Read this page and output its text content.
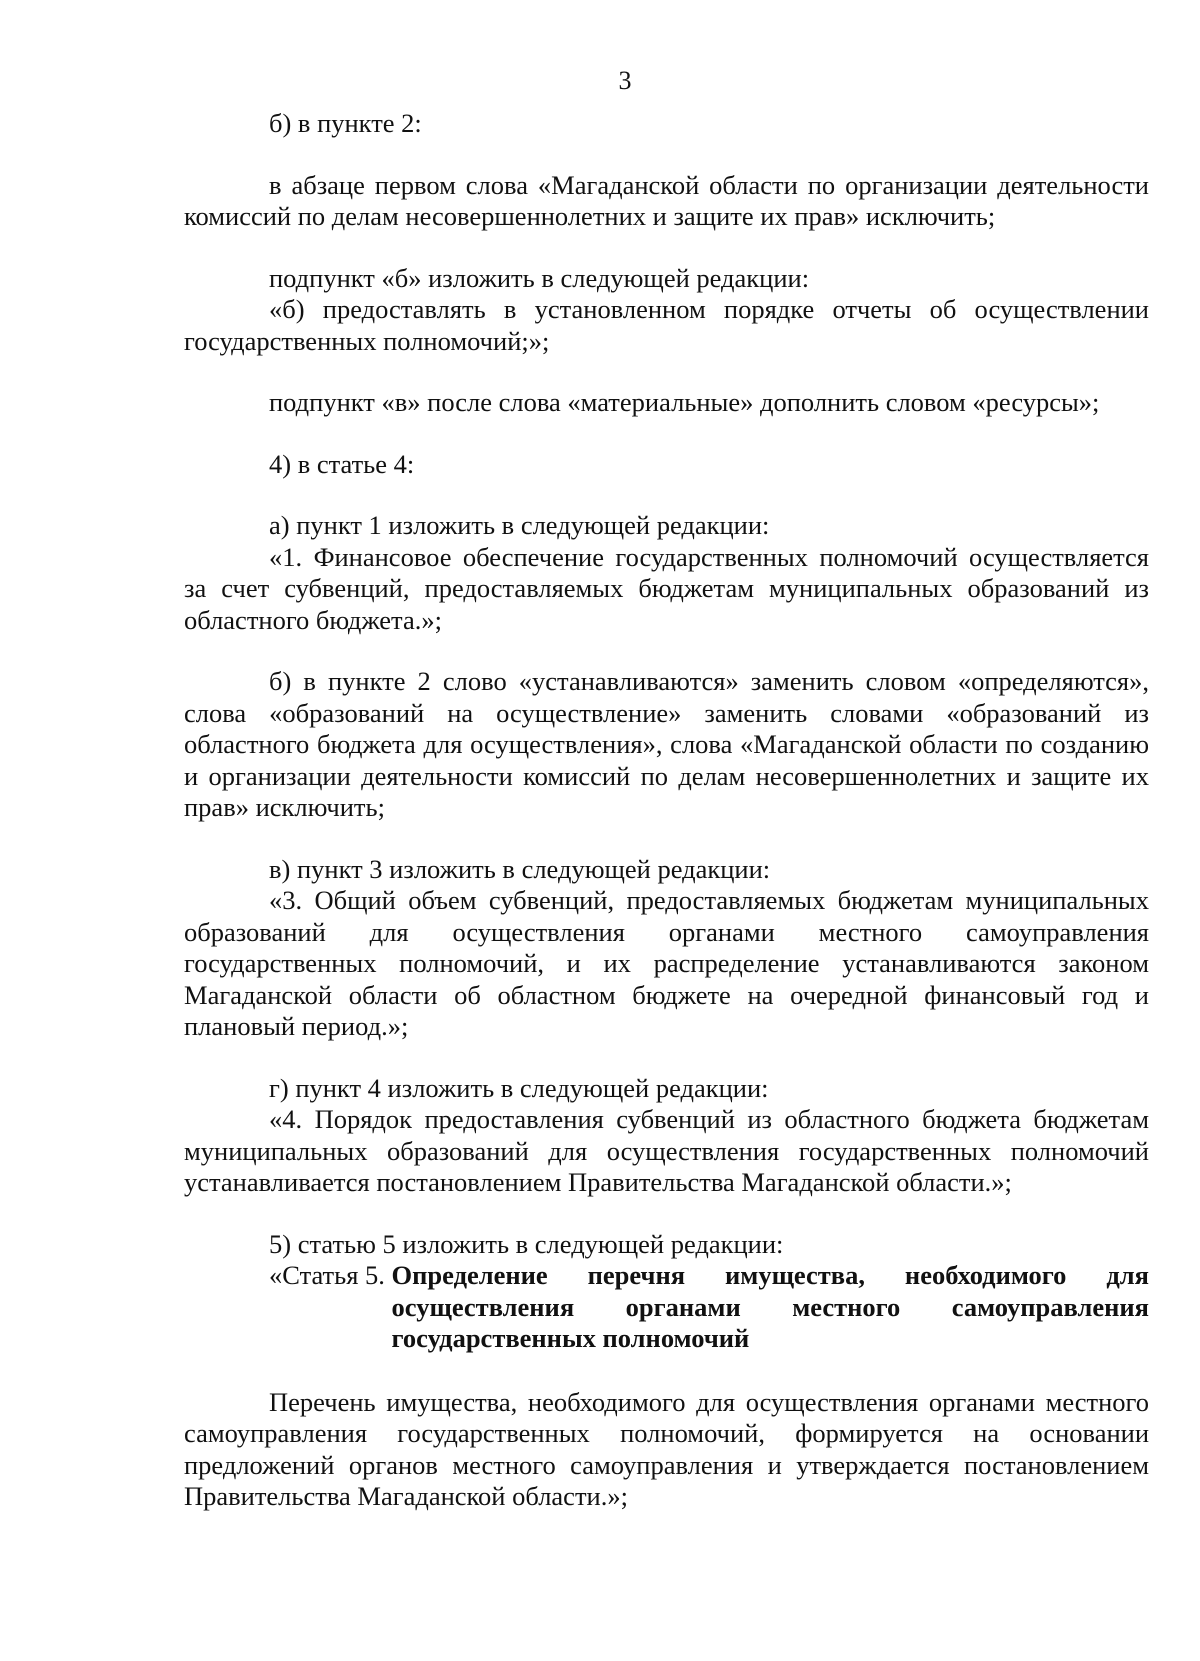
3

б) в пункте 2:

в абзаце первом слова «Магаданской области по организации деятельности комиссий по делам несовершеннолетних и защите их прав» исключить;

подпункт «б» изложить в следующей редакции:

«б) предоставлять в установленном порядке отчеты об осуществлении государственных полномочий;»;

подпункт «в» после слова «материальные» дополнить словом «ресурсы»;

4) в статье 4:

а) пункт 1 изложить в следующей редакции:

«1. Финансовое обеспечение государственных полномочий осуществляется за счет субвенций, предоставляемых бюджетам муниципальных образований из областного бюджета.»;

б) в пункте 2 слово «устанавливаются» заменить словом «определяются», слова «образований на осуществление» заменить словами «образований из областного бюджета для осуществления», слова «Магаданской области по созданию и организации деятельности комиссий по делам несовершеннолетних и защите их прав» исключить;

в) пункт 3 изложить в следующей редакции:

«3. Общий объем субвенций, предоставляемых бюджетам муниципальных образований для осуществления органами местного самоуправления государственных полномочий, и их распределение устанавливаются законом Магаданской области об областном бюджете на очередной финансовый год и плановый период.»;

г) пункт 4 изложить в следующей редакции:

«4. Порядок предоставления субвенций из областного бюджета бюджетам муниципальных образований для осуществления государственных полномочий устанавливается постановлением Правительства Магаданской области.»;

5) статью 5 изложить в следующей редакции:

«Статья 5. Определение перечня имущества, необходимого для осуществления органами местного самоуправления государственных полномочий

Перечень имущества, необходимого для осуществления органами местного самоуправления государственных полномочий, формируется на основании предложений органов местного самоуправления и утверждается постановлением Правительства Магаданской области.»;
